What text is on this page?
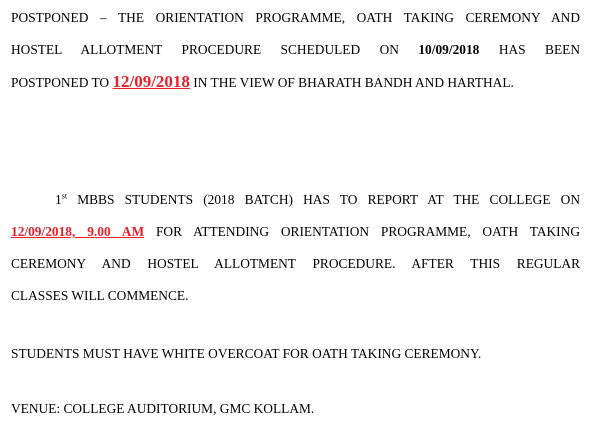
POSTPONED – THE ORIENTATION PROGRAMME, OATH TAKING CEREMONY AND
HOSTEL ALLOTMENT PROCEDURE SCHEDULED ON 10/09/2018 HAS BEEN
POSTPONED TO 12/09/2018 IN THE VIEW OF BHARATH BANDH AND HARTHAL.
1st MBBS STUDENTS (2018 BATCH) HAS TO REPORT AT THE COLLEGE ON
12/09/2018, 9.00 AM FOR ATTENDING ORIENTATION PROGRAMME, OATH TAKING
CEREMONY AND HOSTEL ALLOTMENT PROCEDURE. AFTER THIS REGULAR
CLASSES WILL COMMENCE.
STUDENTS MUST HAVE WHITE OVERCOAT FOR OATH TAKING CEREMONY.
VENUE: COLLEGE AUDITORIUM, GMC KOLLAM.
